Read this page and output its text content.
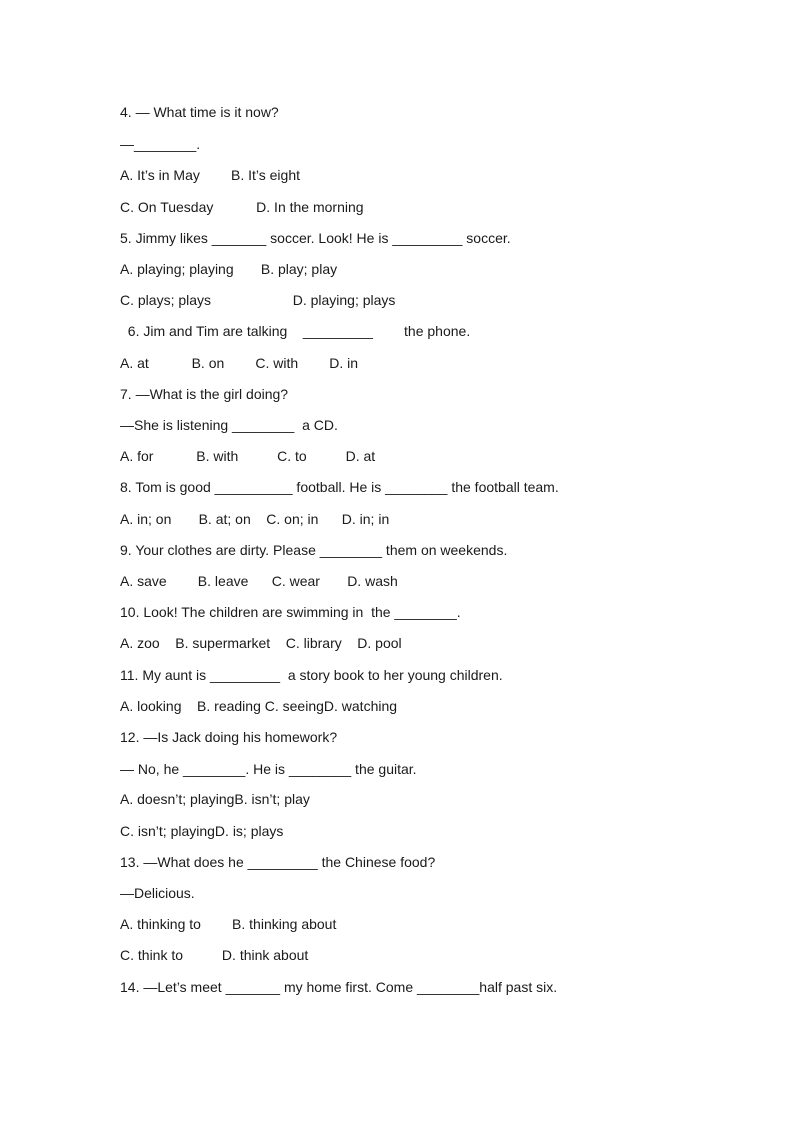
4. — What time is it now?
—________.
A. It’s in May        B. It’s eight
C. On Tuesday           D. In the morning
5. Jimmy likes _______ soccer. Look! He is _________ soccer.
A. playing; playing       B. play; play
C. plays; plays                     D. playing; plays
6. Jim and Tim are talking    _________        the phone.
A. at           B. on        C. with        D. in
7. —What is the girl doing?
—She is listening ________  a CD.
A. for           B. with          C. to          D. at
8. Tom is good __________ football. He is ________ the football team.
A. in; on       B. at; on    C. on; in      D. in; in
9. Your clothes are dirty. Please ________ them on weekends.
A. save        B. leave      C. wear       D. wash
10. Look! The children are swimming in  the ________.
A. zoo    B. supermarket    C. library    D. pool
11. My aunt is _________  a story book to her young children.
A. looking    B. reading C. seeingD. watching
12. —Is Jack doing his homework?
— No, he ________. He is ________ the guitar.
A. doesn’t; playingB. isn’t; play
C. isn’t; playingD. is; plays
13. —What does he _________ the Chinese food?
—Delicious.
A. thinking to        B. thinking about
C. think to          D. think about
14. —Let’s meet _______ my home first. Come ________half past six.
